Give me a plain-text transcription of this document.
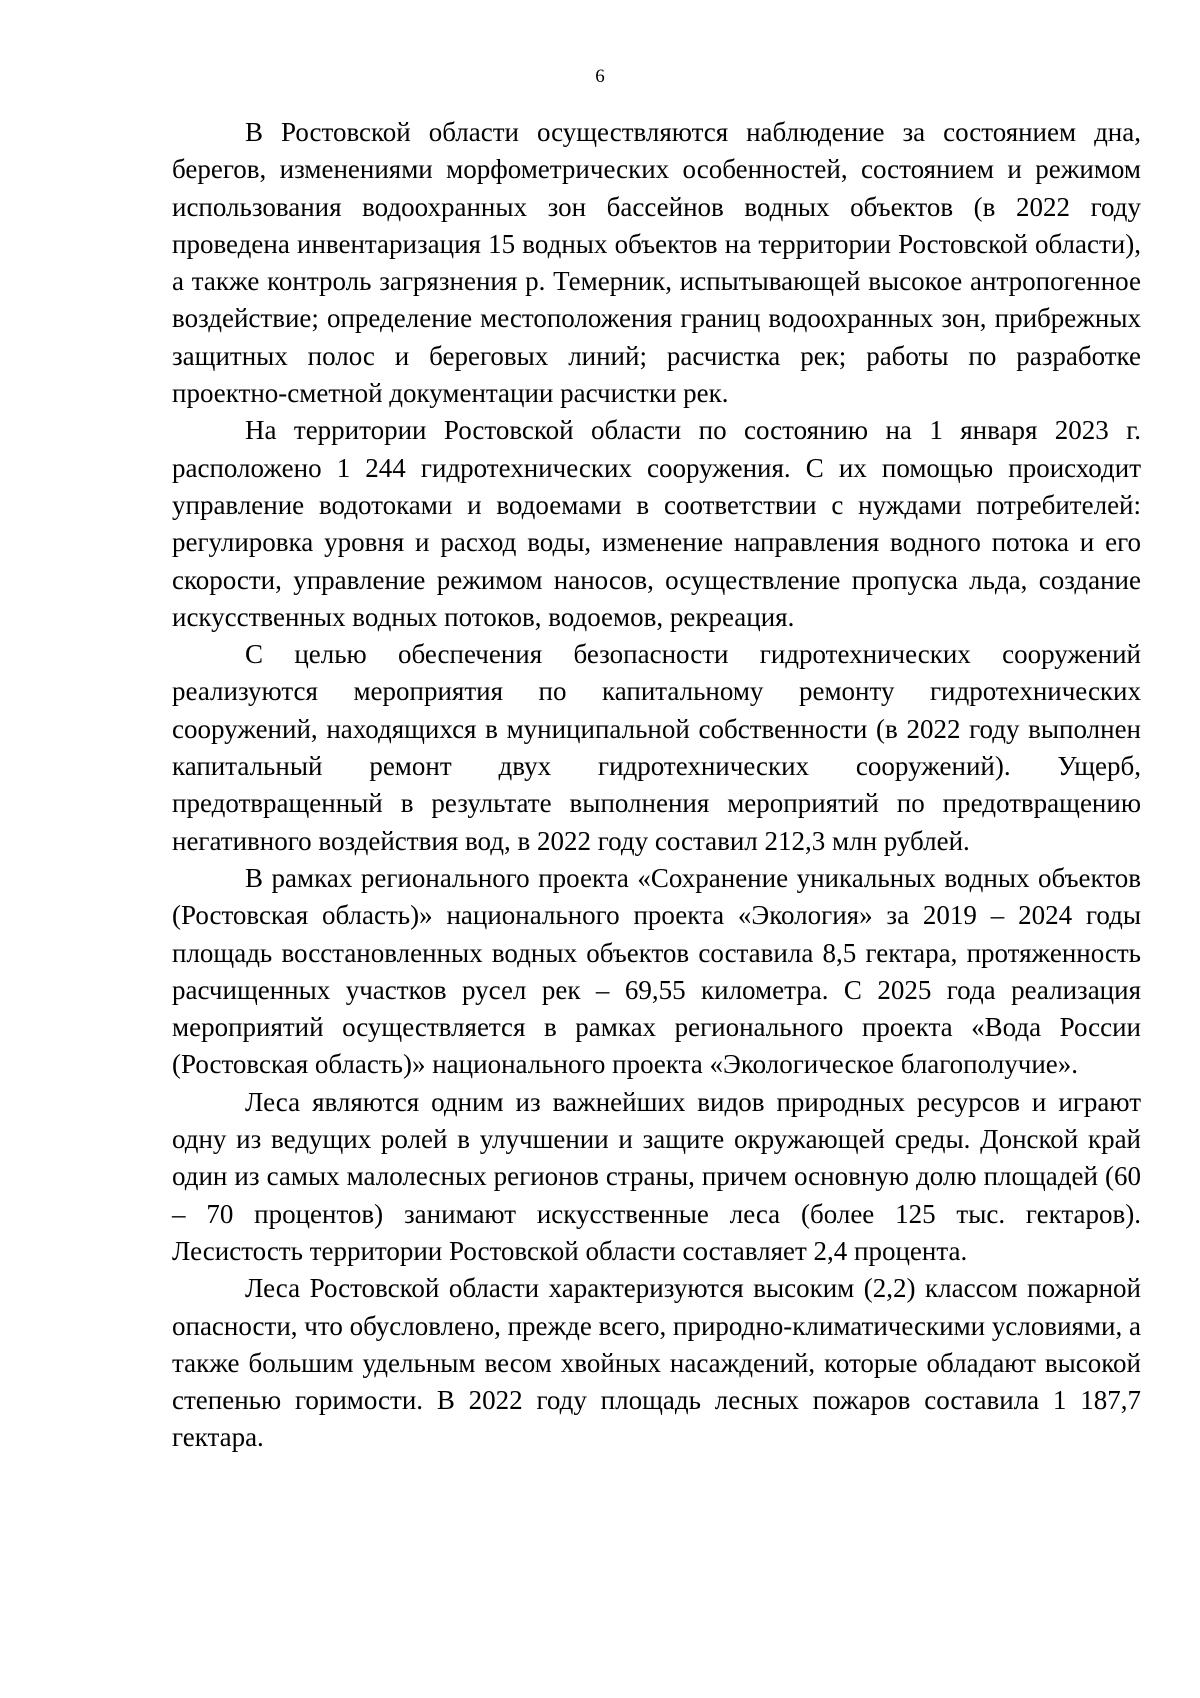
6

В Ростовской области осуществляются наблюдение за состоянием дна, берегов, изменениями морфометрических особенностей, состоянием и режимом использования водоохранных зон бассейнов водных объектов (в 2022 году проведена инвентаризация 15 водных объектов на территории Ростовской области), а также контроль загрязнения р. Темерник, испытывающей высокое антропогенное воздействие; определение местоположения границ водоохранных зон, прибрежных защитных полос и береговых линий; расчистка рек; работы по разработке проектно-сметной документации расчистки рек.

На территории Ростовской области по состоянию на 1 января 2023 г. расположено 1 244 гидротехнических сооружения. С их помощью происходит управление водотоками и водоемами в соответствии с нуждами потребителей: регулировка уровня и расход воды, изменение направления водного потока и его скорости, управление режимом наносов, осуществление пропуска льда, создание искусственных водных потоков, водоемов, рекреация.

С целью обеспечения безопасности гидротехнических сооружений реализуются мероприятия по капитальному ремонту гидротехнических сооружений, находящихся в муниципальной собственности (в 2022 году выполнен капитальный ремонт двух гидротехнических сооружений). Ущерб, предотвращенный в результате выполнения мероприятий по предотвращению негативного воздействия вод, в 2022 году составил 212,3 млн рублей.

В рамках регионального проекта «Сохранение уникальных водных объектов (Ростовская область)» национального проекта «Экология» за 2019 – 2024 годы площадь восстановленных водных объектов составила 8,5 гектара, протяженность расчищенных участков русел рек – 69,55 километра. С 2025 года реализация мероприятий осуществляется в рамках регионального проекта «Вода России (Ростовская область)» национального проекта «Экологическое благополучие».

Леса являются одним из важнейших видов природных ресурсов и играют одну из ведущих ролей в улучшении и защите окружающей среды. Донской край один из самых малолесных регионов страны, причем основную долю площадей (60 – 70 процентов) занимают искусственные леса (более 125 тыс. гектаров). Лесистость территории Ростовской области составляет 2,4 процента.

Леса Ростовской области характеризуются высоким (2,2) классом пожарной опасности, что обусловлено, прежде всего, природно-климатическими условиями, а также большим удельным весом хвойных насаждений, которые обладают высокой степенью горимости. В 2022 году площадь лесных пожаров составила 1 187,7 гектара.
